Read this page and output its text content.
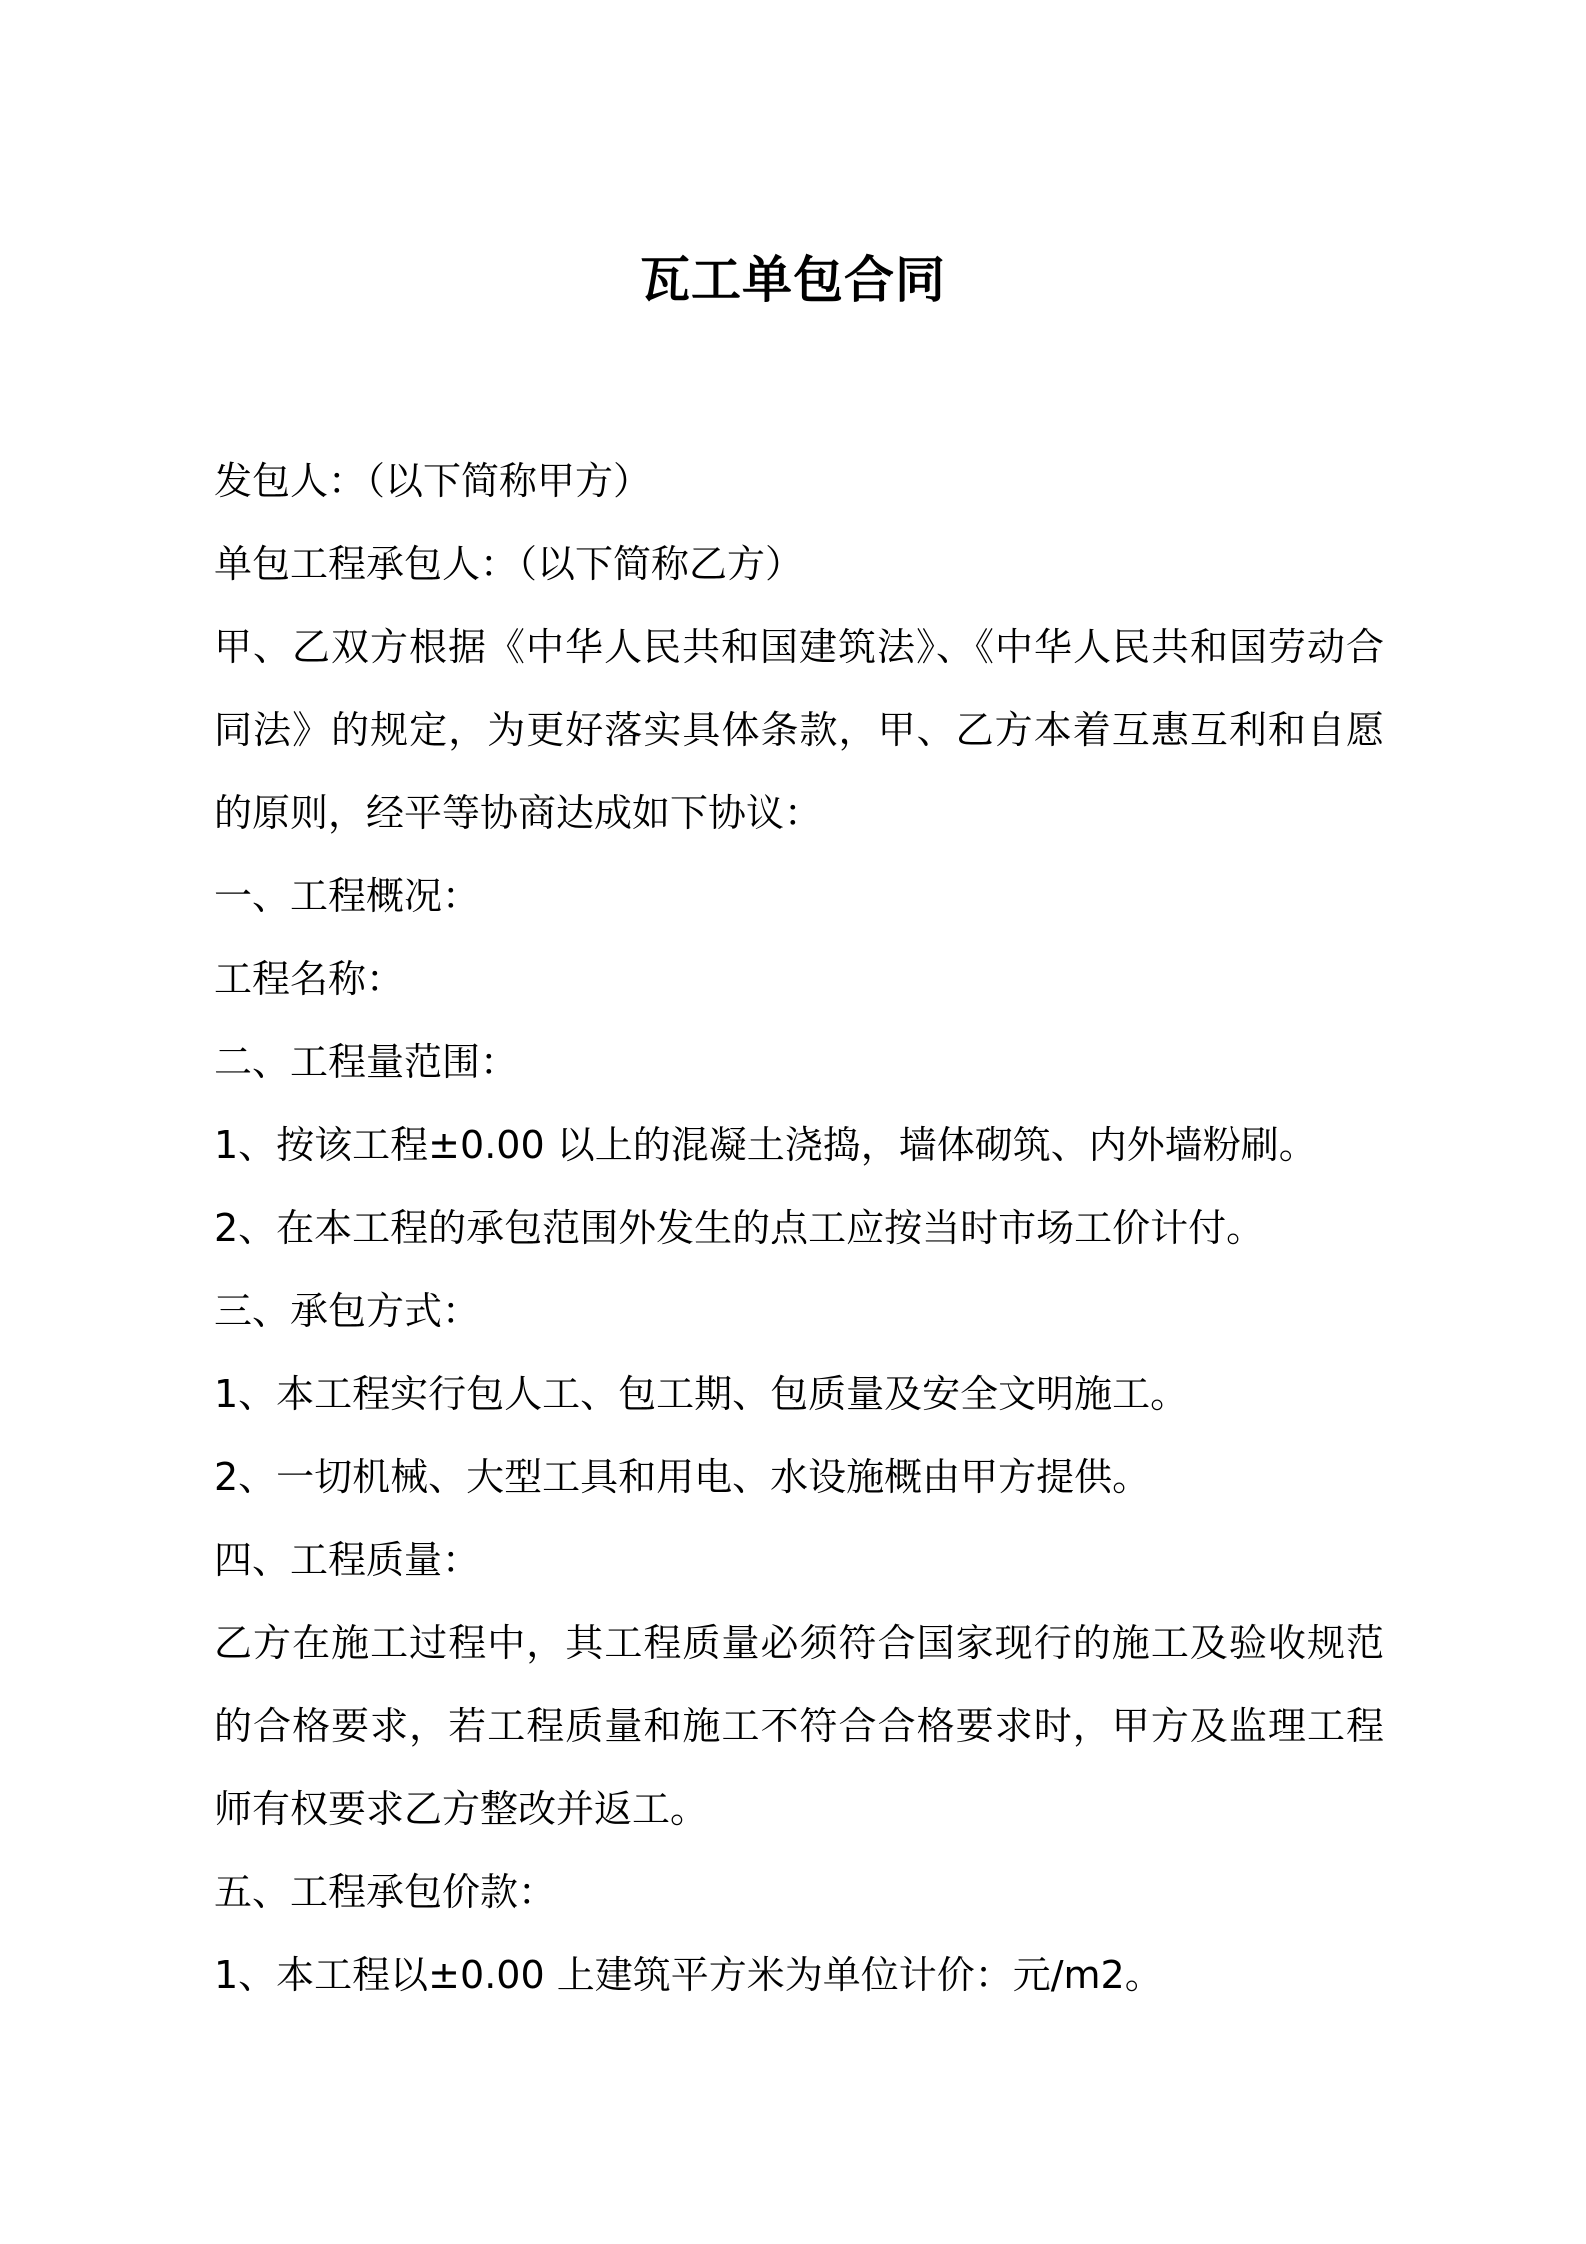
瓦工单包合同

发包人：（以下简称甲方）

单包工程承包人：（以下简称乙方）

甲、乙双方根据《中华人民共和国建筑法》、《中华人民共和国劳动合同法》的规定，为更好落实具体条款，甲、乙方本着互惠互利和自愿的原则，经平等协商达成如下协议：

一、工程概况：

工程名称：

二、工程量范围：

1、按该工程±0.00 以上的混凝土浇捣，墙体砌筑、内外墙粉刷。

2、在本工程的承包范围外发生的点工应按当时市场工价计付。

三、承包方式：

1、本工程实行包人工、包工期、包质量及安全文明施工。

2、一切机械、大型工具和用电、水设施概由甲方提供。

四、工程质量：

乙方在施工过程中，其工程质量必须符合国家现行的施工及验收规范的合格要求，若工程质量和施工不符合合格要求时，甲方及监理工程师有权要求乙方整改并返工。

五、工程承包价款：

1、本工程以±0.00 上建筑平方米为单位计价：元/m2。
